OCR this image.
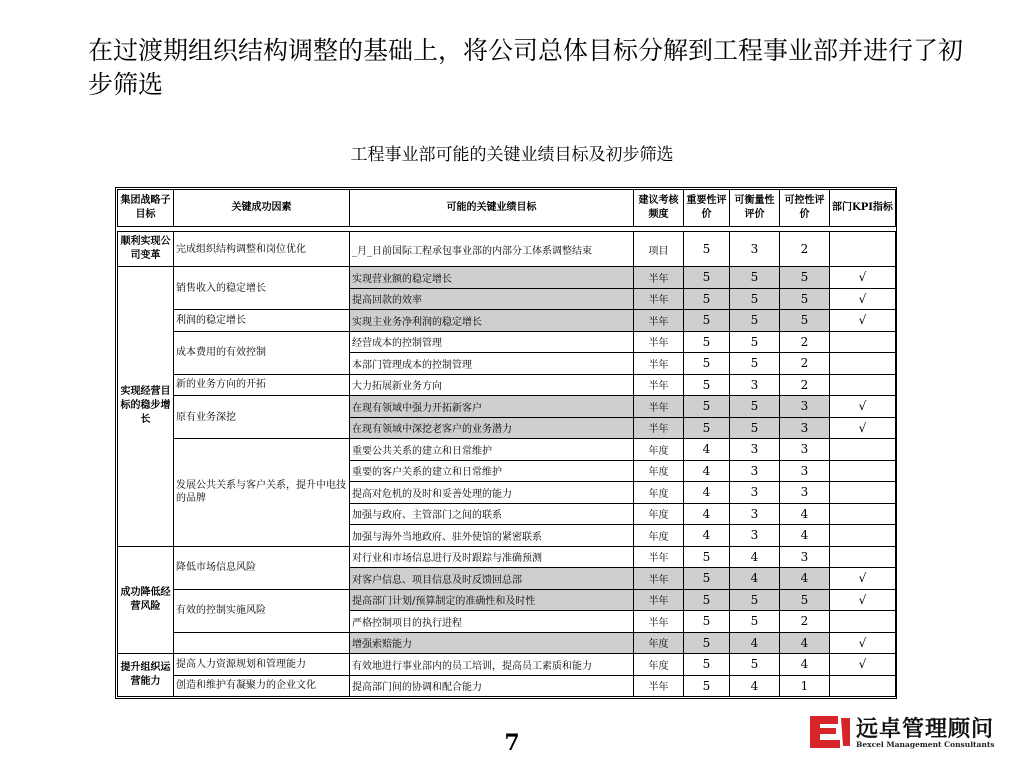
在过渡期组织结构调整的基础上，将公司总体目标分解到工程事业部并进行了初步筛选
工程事业部可能的关键业绩目标及初步筛选
集团战略子目标	关键成功因素	可能的关键业绩目标	建议考核频度	重要性评价	可衡量性评价	可控性评价	部门KPI指标

顺利实现公司变革	完成组织结构调整和岗位优化	_月_日前国际工程承包事业部的内部分工体系调整结束	项目	5	3	2	
实现经营目标的稳步增长	销售收入的稳定增长	实现营业额的稳定增长	半年	5	5	5	√
		提高回款的效率	半年	5	5	5	√
	利润的稳定增长	实现主业务净利润的稳定增长	半年	5	5	5	√
	成本费用的有效控制	经营成本的控制管理	半年	5	5	2	
		本部门管理成本的控制管理	半年	5	5	2	
	新的业务方向的开拓	大力拓展新业务方向	半年	5	3	2	
	原有业务深挖	在现有领域中强力开拓新客户	半年	5	5	3	√
		在现有领域中深挖老客户的业务潜力	半年	5	5	3	√
	发展公共关系与客户关系，提升中电技的品牌	重要公共关系的建立和日常维护	年度	4	3	3	
		重要的客户关系的建立和日常维护	年度	4	3	3	
		提高对危机的及时和妥善处理的能力	年度	4	3	3	
		加强与政府、主管部门之间的联系	年度	4	3	4	
		加强与海外当地政府、驻外使馆的紧密联系	年度	4	3	4	
成功降低经营风险	降低市场信息风险	对行业和市场信息进行及时跟踪与准确预测	半年	5	4	3	
		对客户信息、项目信息及时反馈回总部	半年	5	4	4	√
	有效的控制实施风险	提高部门计划/预算制定的准确性和及时性	半年	5	5	5	√
		严格控制项目的执行进程	半年	5	5	2	
		增强索赔能力	年度	5	4	4	√
提升组织运营能力	提高人力资源规划和管理能力	有效地进行事业部内的员工培训，提高员工素质和能力	年度	5	5	4	√
	创造和维护有凝聚力的企业文化	提高部门间的协调和配合能力	半年	5	4	1	
远卓管理顾问
Bexcel Management Consultants
7
